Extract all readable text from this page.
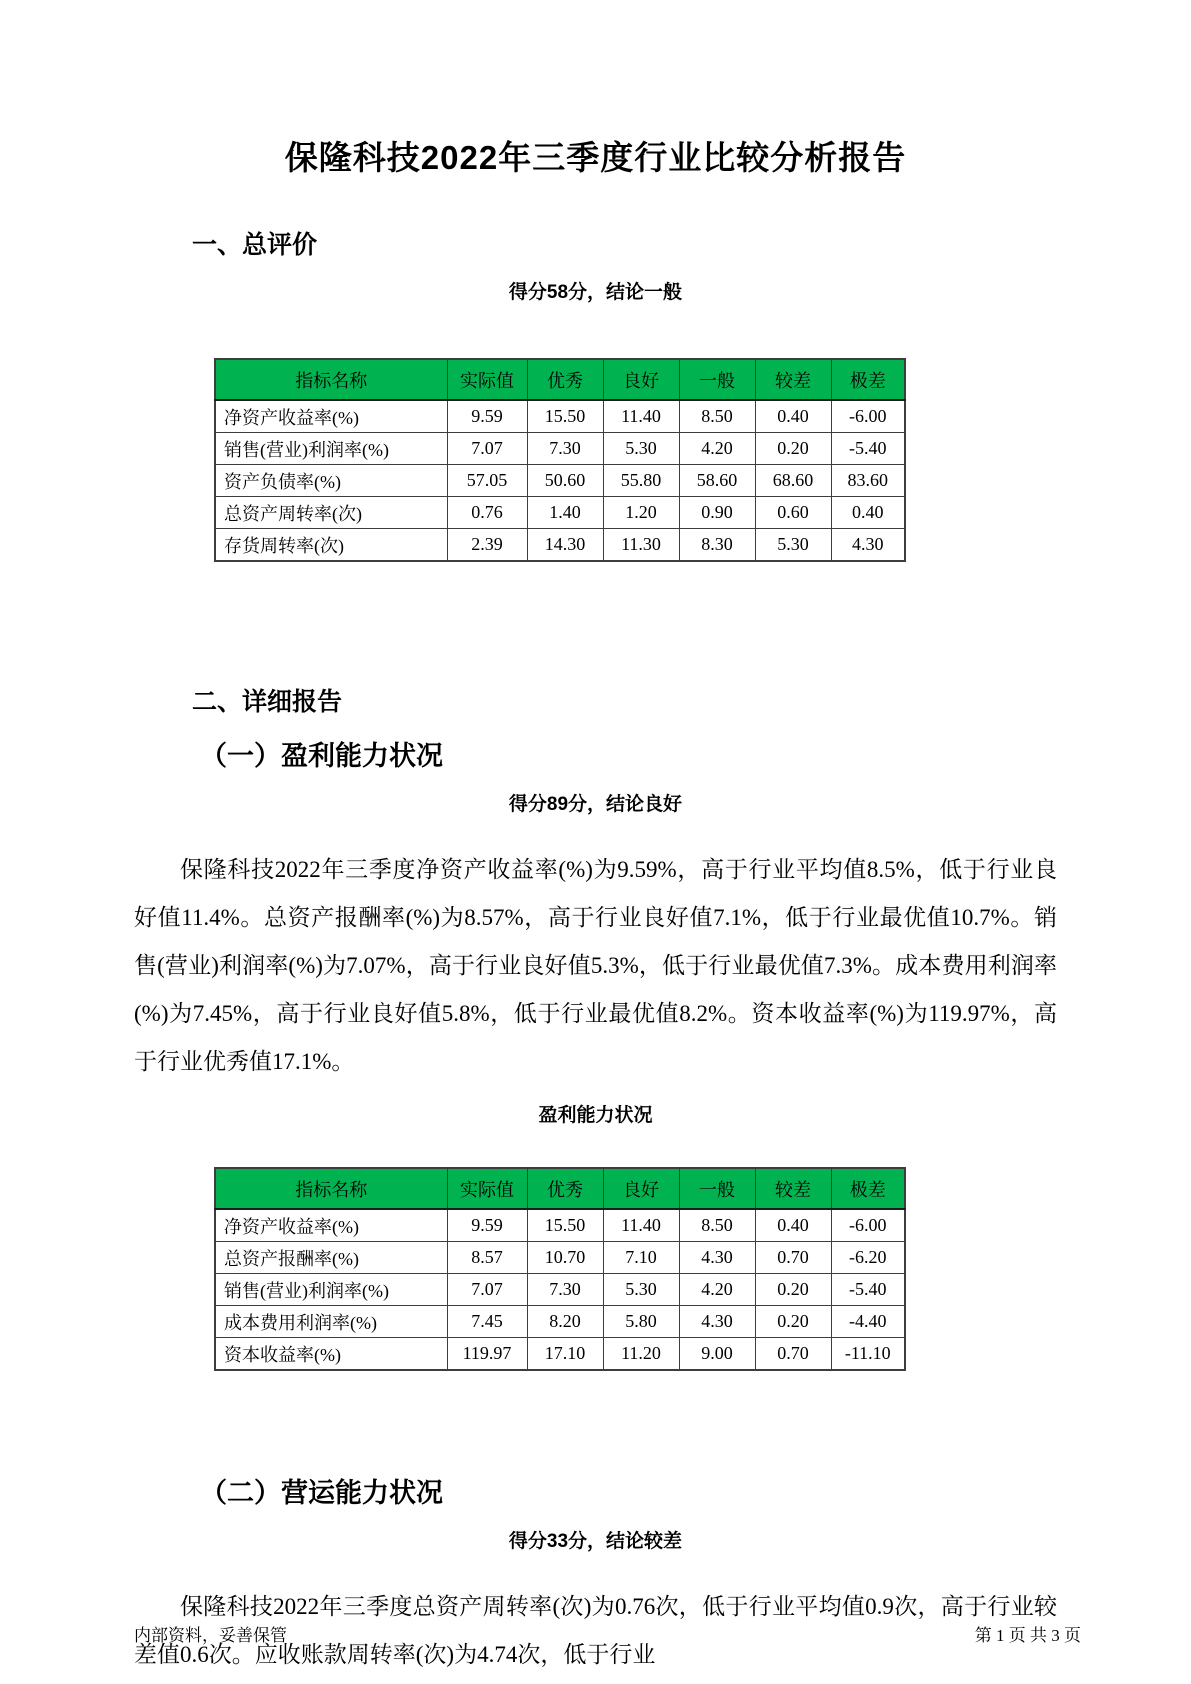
保隆科技2022年三季度行业比较分析报告
一、总评价
得分58分，结论一般
指标名称	实际值	优秀	良好	一般	较差	极差
净资产收益率(%)	9.59	15.50	11.40	8.50	0.40	-6.00
销售(营业)利润率(%)	7.07	7.30	5.30	4.20	0.20	-5.40
资产负债率(%)	57.05	50.60	55.80	58.60	68.60	83.60
总资产周转率(次)	0.76	1.40	1.20	0.90	0.60	0.40
存货周转率(次)	2.39	14.30	11.30	8.30	5.30	4.30
二、详细报告
（一）盈利能力状况
得分89分，结论良好

保隆科技2022年三季度净资产收益率(%)为9.59%，高于行业平均值8.5%，低于行业良好值11.4%。总资产报酬率(%)为8.57%，高于行业良好值7.1%，低于行业最优值10.7%。销售(营业)利润率(%)为7.07%，高于行业良好值5.3%，低于行业最优值7.3%。成本费用利润率(%)为7.45%，高于行业良好值5.8%，低于行业最优值8.2%。资本收益率(%)为119.97%，高于行业优秀值17.1%。

盈利能力状况
指标名称	实际值	优秀	良好	一般	较差	极差
净资产收益率(%)	9.59	15.50	11.40	8.50	0.40	-6.00
总资产报酬率(%)	8.57	10.70	7.10	4.30	0.70	-6.20
销售(营业)利润率(%)	7.07	7.30	5.30	4.20	0.20	-5.40
成本费用利润率(%)	7.45	8.20	5.80	4.30	0.20	-4.40
资本收益率(%)	119.97	17.10	11.20	9.00	0.70	-11.10
（二）营运能力状况
得分33分，结论较差

保隆科技2022年三季度总资产周转率(次)为0.76次，低于行业平均值0.9次，高于行业较差值0.6次。应收账款周转率(次)为4.74次，低于行业

内部资料，妥善保管	第 1 页 共 3 页
